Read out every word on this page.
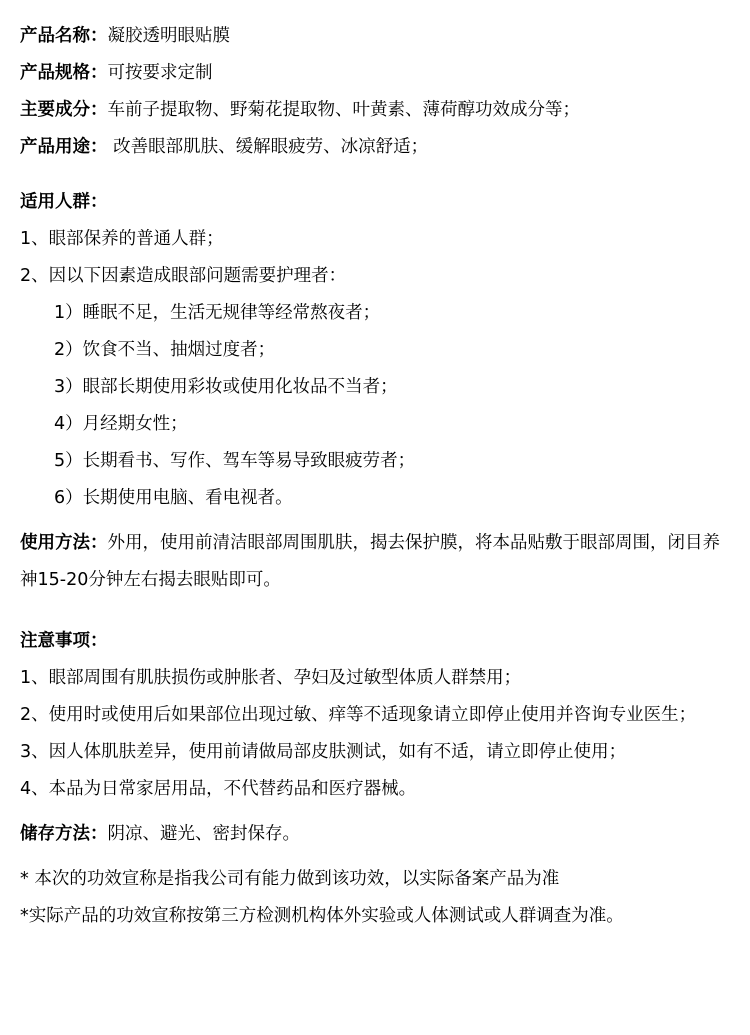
产品名称： 凝胶透明眼贴膜
产品规格： 可按要求定制
主要成分： 车前子提取物、野菊花提取物、叶黄素、薄荷醇功效成分等；
产品用途： 改善眼部肌肤、缓解眼疲劳、冰凉舒适；
适用人群：
1、眼部保养的普通人群；
2、因以下因素造成眼部问题需要护理者：
1）睡眠不足，生活无规律等经常熬夜者；
2）饮食不当、抽烟过度者；
3）眼部长期使用彩妆或使用化妆品不当者；
4）月经期女性；
5）长期看书、写作、驾车等易导致眼疲劳者；
6）长期使用电脑、看电视者。
使用方法：外用，使用前清洁眼部周围肌肤，揭去保护膜，将本品贴敷于眼部周围，闭目养神15-20分钟左右揭去眼贴即可。
注意事项：
1、眼部周围有肌肤损伤或肿胀者、孕妇及过敏型体质人群禁用；
2、使用时或使用后如果部位出现过敏、痒等不适现象请立即停止使用并咨询专业医生；
3、因人体肌肤差异，使用前请做局部皮肤测试，如有不适，请立即停止使用；
4、本品为日常家居用品，不代替药品和医疗器械。
储存方法：阴凉、避光、密封保存。
* 本次的功效宣称是指我公司有能力做到该功效，以实际备案产品为准
*实际产品的功效宣称按第三方检测机构体外实验或人体测试或人群调查为准。
